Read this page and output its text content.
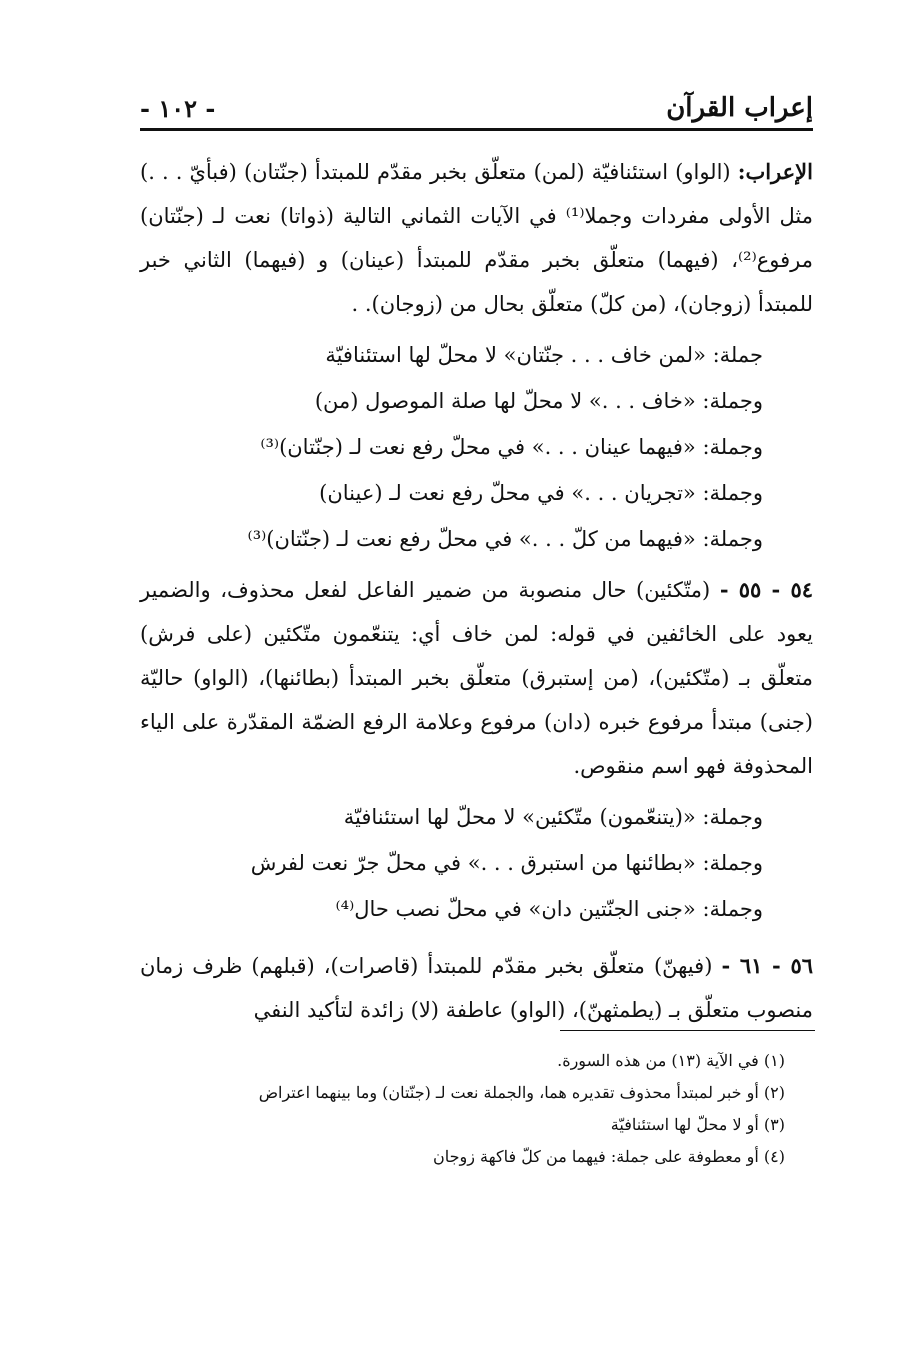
إعراب القرآن
- ١٠٢ -

الإعراب: (الواو) استئنافيّة (لمن) متعلّق بخبر مقدّم للمبتدأ (جنّتان) (فبأيّ . . .) مثل الأولى مفردات وجملا⁽¹⁾ في الآيات الثماني التالية (ذواتا) نعت لـ (جنّتان) مرفوع⁽²⁾، (فيهما) متعلّق بخبر مقدّم للمبتدأ (عينان) و (فيهما) الثاني خبر للمبتدأ (زوجان)، (من كلّ) متعلّق بحال من (زوجان). .

جملة: «لمن خاف . . . جنّتان» لا محلّ لها استئنافيّة
وجملة: «خاف . . .» لا محلّ لها صلة الموصول (من)
وجملة: «فيهما عينان . . .» في محلّ رفع نعت لـ (جنّتان)⁽³⁾
وجملة: «تجريان . . .» في محلّ رفع نعت لـ (عينان)
وجملة: «فيهما من كلّ . . .» في محلّ رفع نعت لـ (جنّتان)⁽³⁾

٥٤ - ٥٥ - (متّكئين) حال منصوبة من ضمير الفاعل لفعل محذوف، والضمير يعود على الخائفين في قوله: لمن خاف أي: يتنعّمون متّكئين (على فرش) متعلّق بـ (متّكئين)، (من إستبرق) متعلّق بخبر المبتدأ (بطائنها)، (الواو) حاليّة (جنى) مبتدأ مرفوع خبره (دان) مرفوع وعلامة الرفع الضمّة المقدّرة على الياء المحذوفة فهو اسم منقوص.

وجملة: «(يتنعّمون) متّكئين» لا محلّ لها استئنافيّة
وجملة: «بطائنها من استبرق . . .» في محلّ جرّ نعت لفرش
وجملة: «جنى الجنّتين دان» في محلّ نصب حال⁽⁴⁾

٥٦ - ٦١ - (فيهنّ) متعلّق بخبر مقدّم للمبتدأ (قاصرات)، (قبلهم) ظرف زمان منصوب متعلّق بـ (يطمثهنّ)، (الواو) عاطفة (لا) زائدة لتأكيد النفي

(١) في الآية (١٣) من هذه السورة.
(٢) أو خبر لمبتدأ محذوف تقديره هما، والجملة نعت لـ (جنّتان) وما بينهما اعتراض
(٣) أو لا محلّ لها استئنافيّة
(٤) أو معطوفة على جملة: فيهما من كلّ فاكهة زوجان
